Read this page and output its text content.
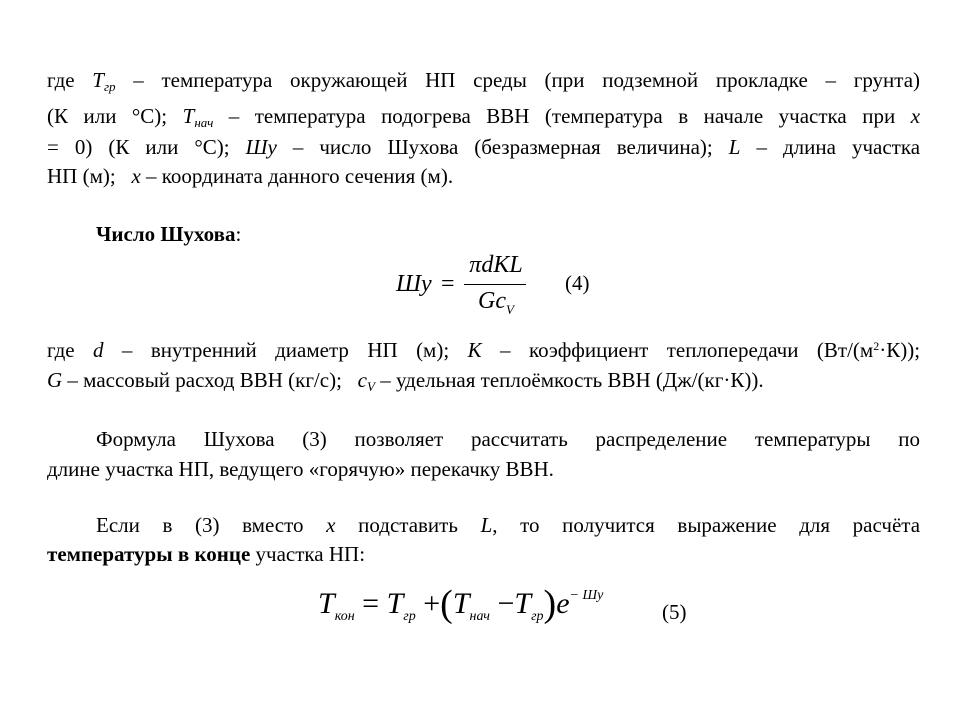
где $T_{гр}$ – температура окружающей НП среды (при подземной прокладке – грунта)
(К или °С); $T_{нач}$ – температура подогрева ВВН (температура в начале участка при x
= 0) (К или °С); Шу – число Шухова (безразмерная величина); L – длина участка
НП (м); x – координата данного сечения (м).
Число Шухова:
Шу =
πdKL
$Gc_V$
(4)
где d – внутренний диаметр НП (м); K – коэффициент теплопередачи $(Вт/(м^2\cdot К))$;
G – массовый расход ВВН (кг/с); $c_V$ – удельная теплоёмкость ВВН (Дж/(кг·К)).
Формула Шухова (3) позволяет рассчитать распределение температуры по
длине участка НП, ведущего «горячую» перекачку ВВН.
Если в (3) вместо x подставить L, то получится выражение для расчёта
температуры в конце участка НП:
$T_{кон} = T_{гр} +(T_{нач} -T_{гр})e^{- Шу}$
(5)
